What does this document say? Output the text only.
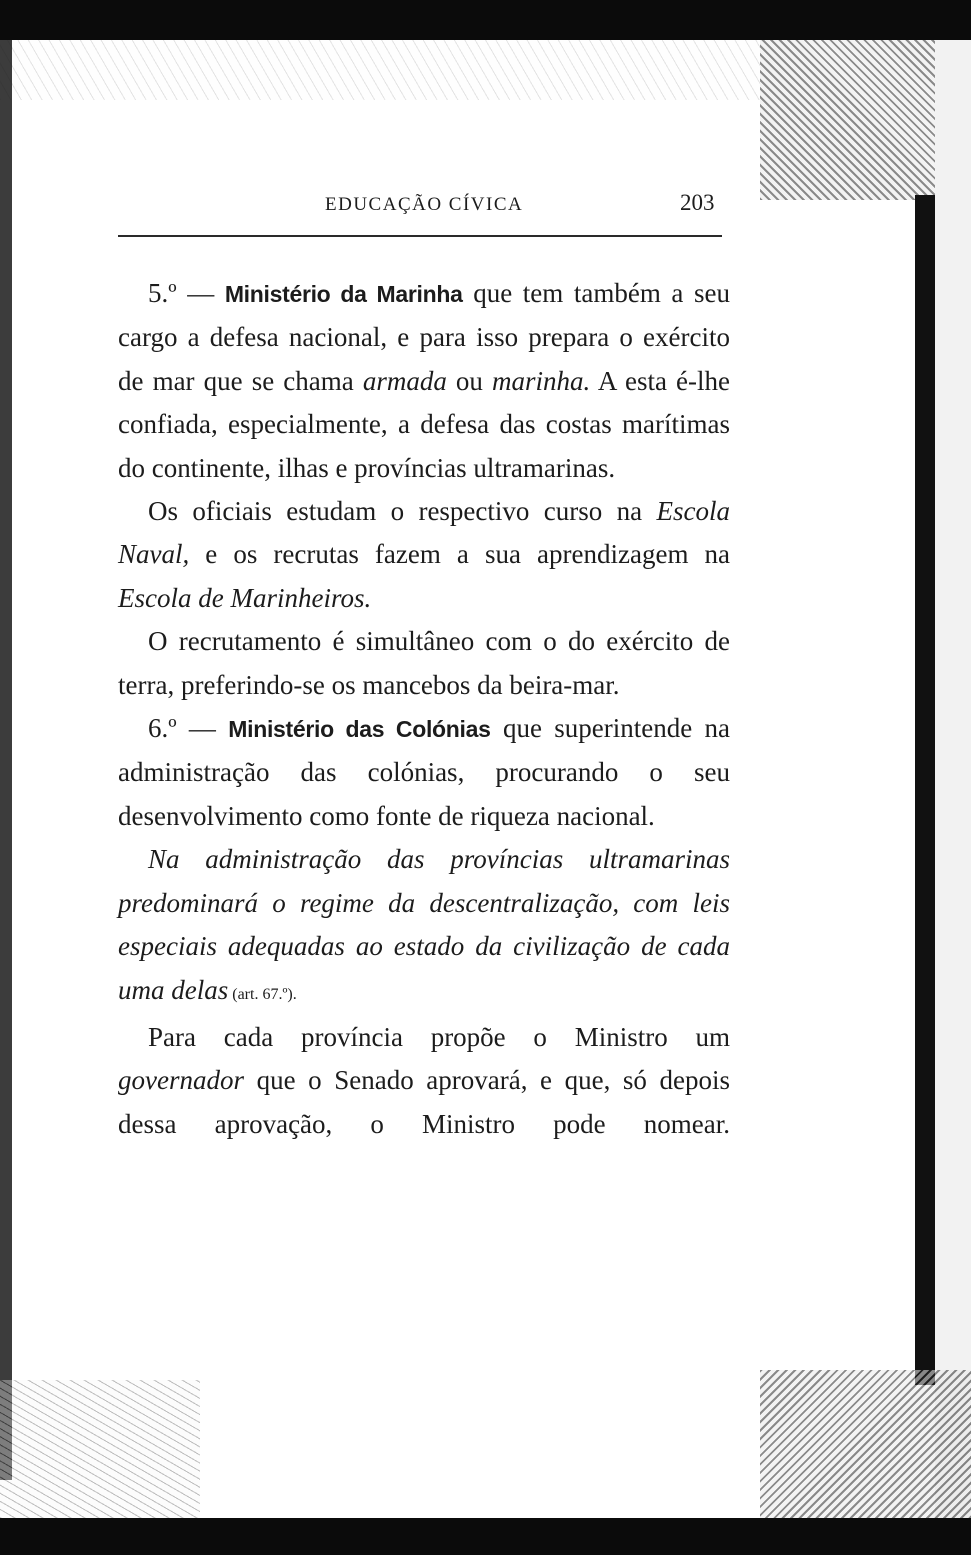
EDUCAÇÃO CÍVICA	203

5.º — Ministério da Marinha que tem também a seu cargo a defesa nacional, e para isso prepara o exército de mar que se chama armada ou marinha. A esta é-lhe confiada, especialmente, a defesa das costas marítimas do continente, ilhas e províncias ultramarinas.

Os oficiais estudam o respectivo curso na Escola Naval, e os recrutas fazem a sua aprendizagem na Escola de Marinheiros.

O recrutamento é simultâneo com o do exército de terra, preferindo-se os mancebos da beira-mar.

6.º — Ministério das Colónias que superintende na administração das colónias, procurando o seu desenvolvimento como fonte de riqueza nacional.

Na administração das províncias ultramarinas predominará o regime da descentralização, com leis especiais adequadas ao estado da civilização de cada uma delas (art. 67.º).

Para cada província propõe o Ministro um governador que o Senado aprovará, e que, só depois dessa aprovação, o Ministro pode nomear.
